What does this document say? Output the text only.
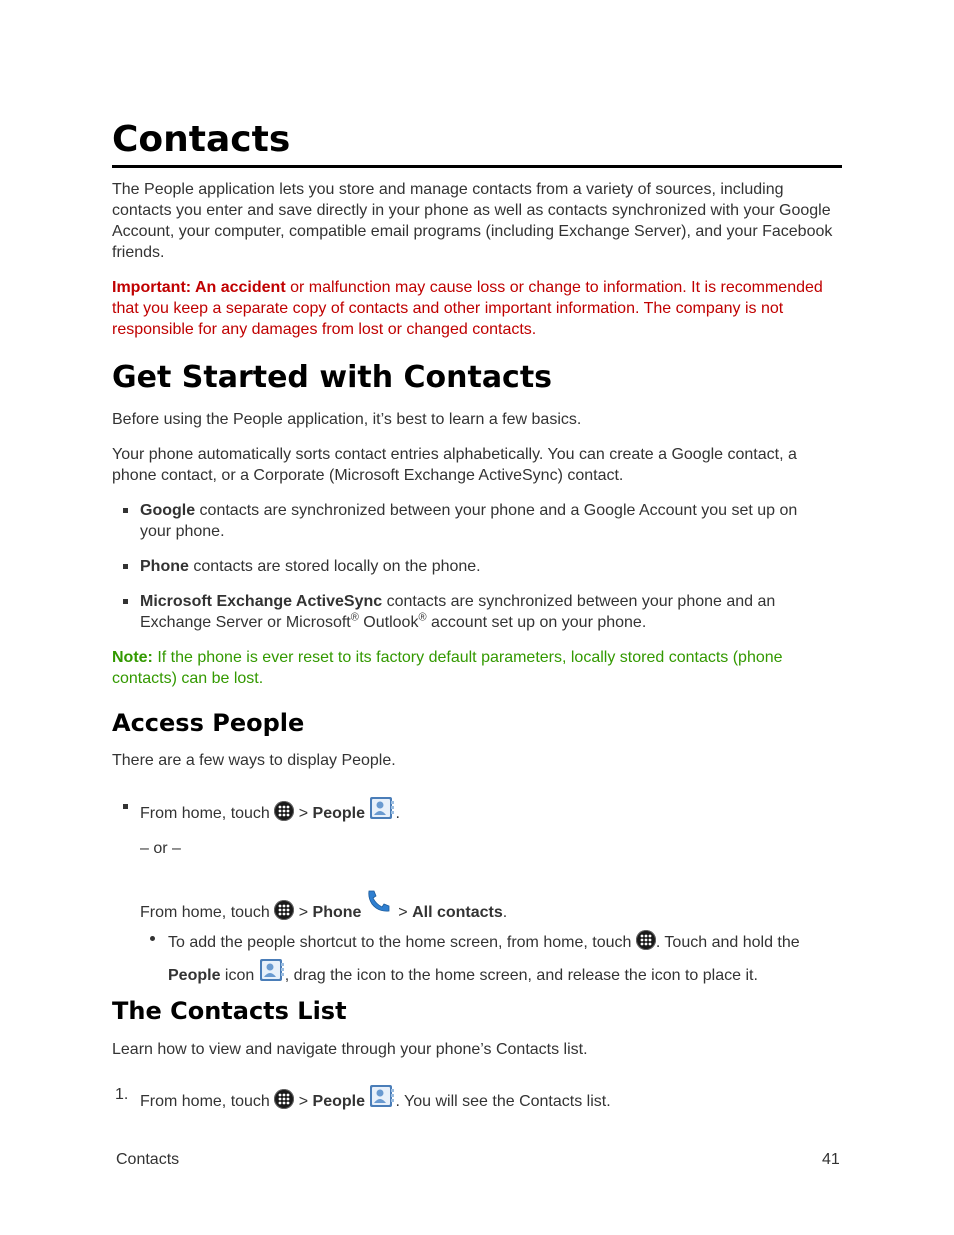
Contacts

The People application lets you store and manage contacts from a variety of sources, including contacts you enter and save directly in your phone as well as contacts synchronized with your Google Account, your computer, compatible email programs (including Exchange Server), and your Facebook friends.

Important: An accident or malfunction may cause loss or change to information. It is recommended that you keep a separate copy of contacts and other important information. The company is not responsible for any damages from lost or changed contacts.

Get Started with Contacts

Before using the People application, it’s best to learn a few basics.

Your phone automatically sorts contact entries alphabetically. You can create a Google contact, a phone contact, or a Corporate (Microsoft Exchange ActiveSync) contact.

Google contacts are synchronized between your phone and a Google Account you set up on your phone.

Phone contacts are stored locally on the phone.

Microsoft Exchange ActiveSync contacts are synchronized between your phone and an Exchange Server or Microsoft® Outlook® account set up on your phone.

Note: If the phone is ever reset to its factory default parameters, locally stored contacts (phone contacts) can be lost.

Access People

There are a few ways to display People.

From home, touch
> People .

– or –

From home, touch
> Phone  > All contacts.

To add the people shortcut to the home screen, from home, touch
. Touch and hold the
People icon , drag the icon to the home screen, and release the icon to place it.

The Contacts List

Learn how to view and navigate through your phone’s Contacts list.

1. From home, touch
> People . You will see the Contacts list.

Contacts	41
